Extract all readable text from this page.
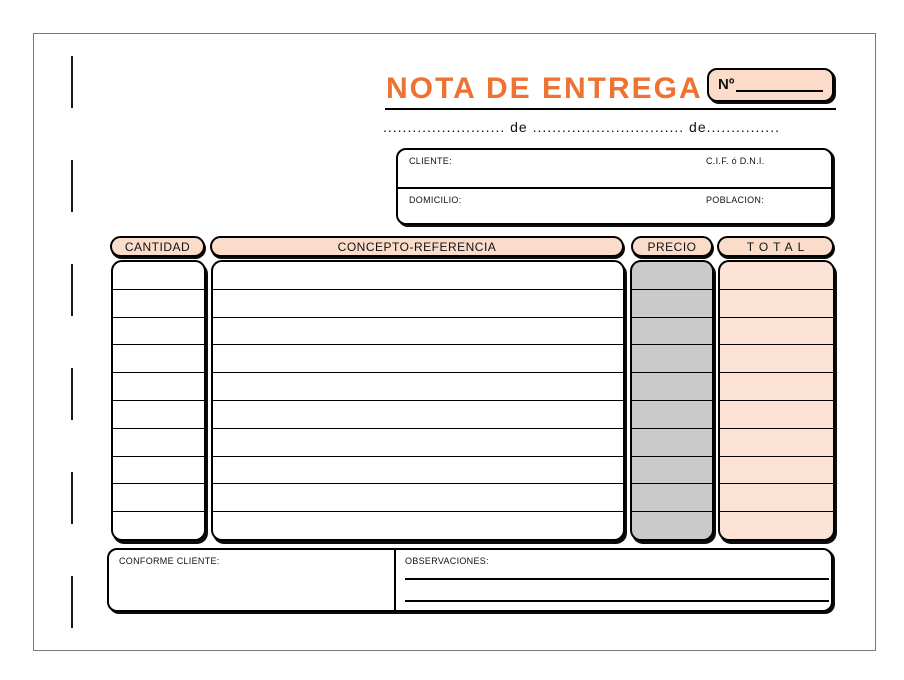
NOTA DE ENTREGA Nº
......................... de ............................... de...............
CLIENTE:	C.I.F. ó D.N.I.
DOMICILIO:	POBLACION:
CANTIDAD	CONCEPTO-REFERENCIA	PRECIO	TOTAL
CONFORME CLIENTE:	OBSERVACIONES:
